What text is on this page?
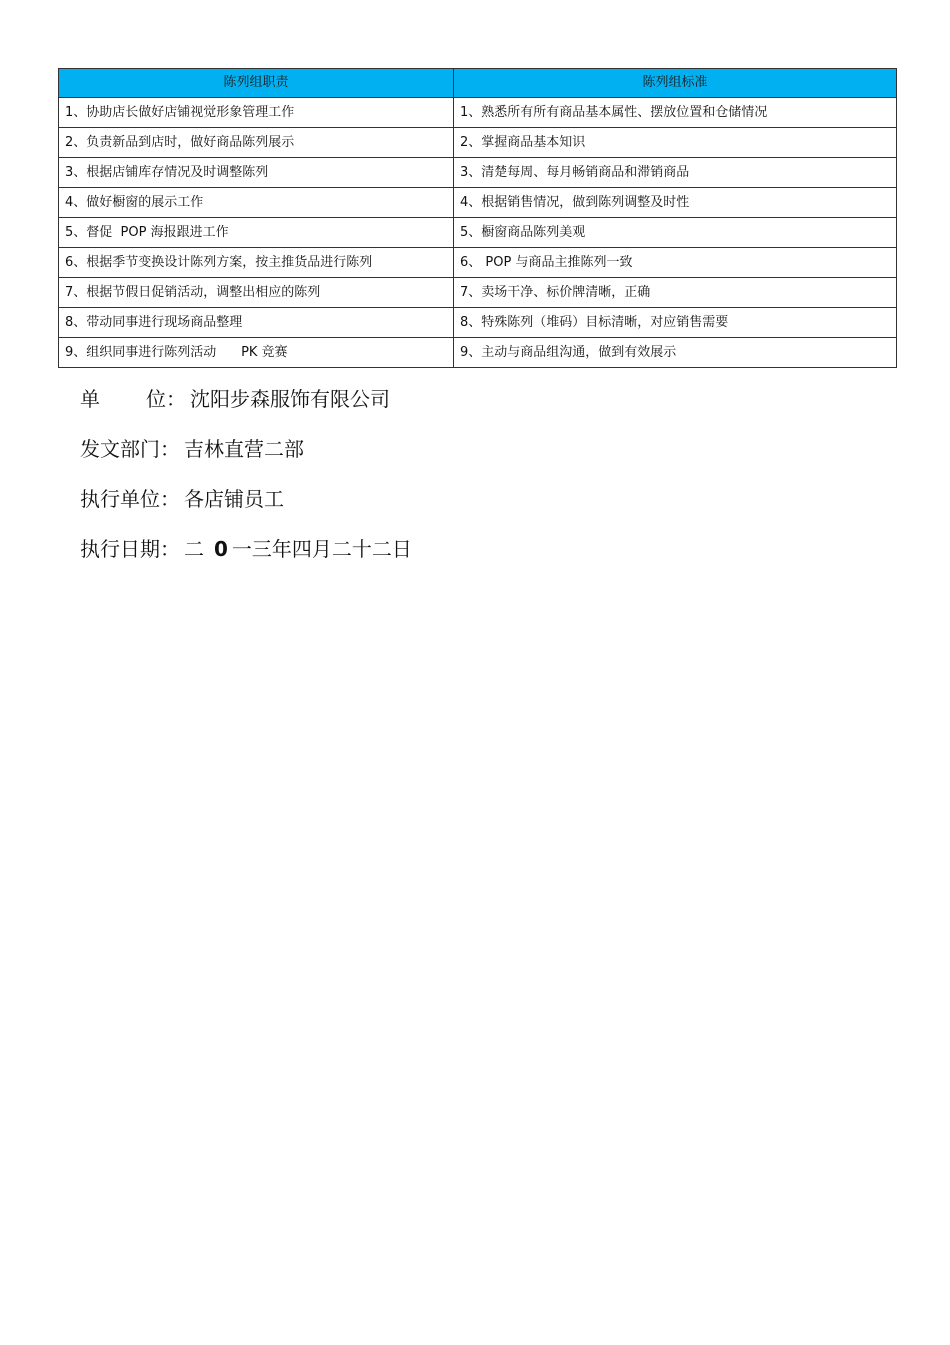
陈列组职责	陈列组标准
1、协助店长做好店铺视觉形象管理工作	1、熟悉所有所有商品基本属性、摆放位置和仓储情况
2、负责新品到店时，做好商品陈列展示	2、掌握商品基本知识
3、根据店铺库存情况及时调整陈列	3、清楚每周、每月畅销商品和滞销商品
4、做好橱窗的展示工作	4、根据销售情况，做到陈列调整及时性
5、督促  POP 海报跟进工作	5、橱窗商品陈列美观
6、根据季节变换设计陈列方案，按主推货品进行陈列	6、 POP 与商品主推陈列一致
7、根据节假日促销活动，调整出相应的陈列	7、卖场干净、标价牌清晰，正确
8、带动同事进行现场商品整理	8、特殊陈列（堆码）目标清晰，对应销售需要
9、组织同事进行陈列活动      PK 竞赛	9、主动与商品组沟通，做到有效展示
单位： 沈阳步森服饰有限公司
发文部门： 吉林直营二部
执行单位： 各店铺员工
执行日期： 二 0 一三年四月二十二日
